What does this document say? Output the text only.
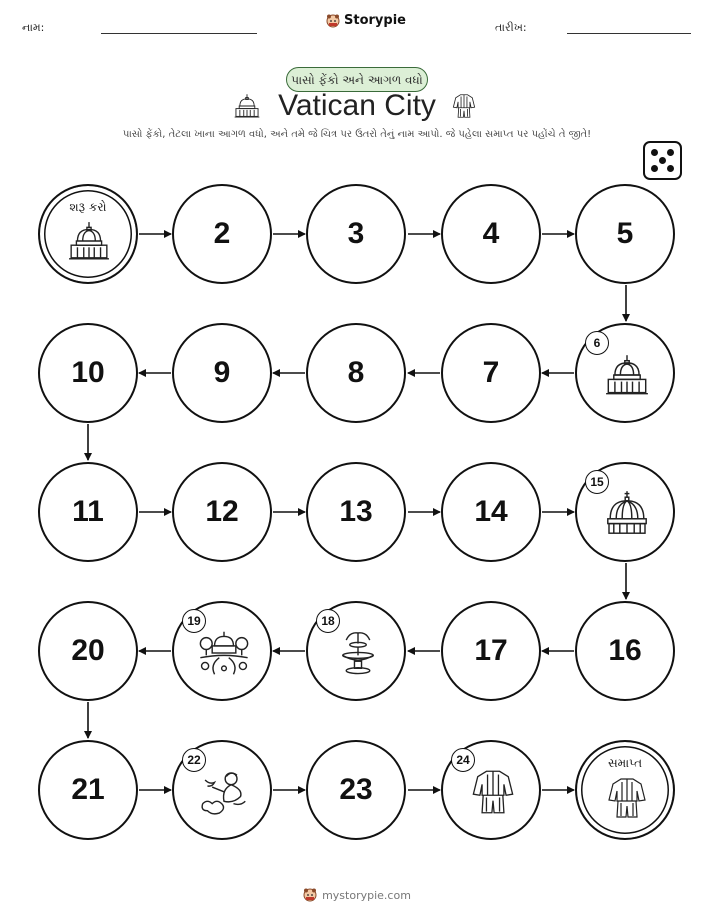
નામ:	Storypie	તારીખ:
પાસો ફેંકો અને આગળ વધો
Vatican City
પાસો ફેંકો, તેટલા ખાના આગળ વધો, અને તમે જે ચિત્ર પર ઉતરો તેનું નામ આપો. જે પહેલા સમાપ્ત પર પહોંચે તે જીતે!
શરૂ કરો
2	3	4	5
10	9	8	7
6
11	12	13	14
15
20
19	18
17	16
21
22
23
24	સમાપ્ત
mystorypie.com
